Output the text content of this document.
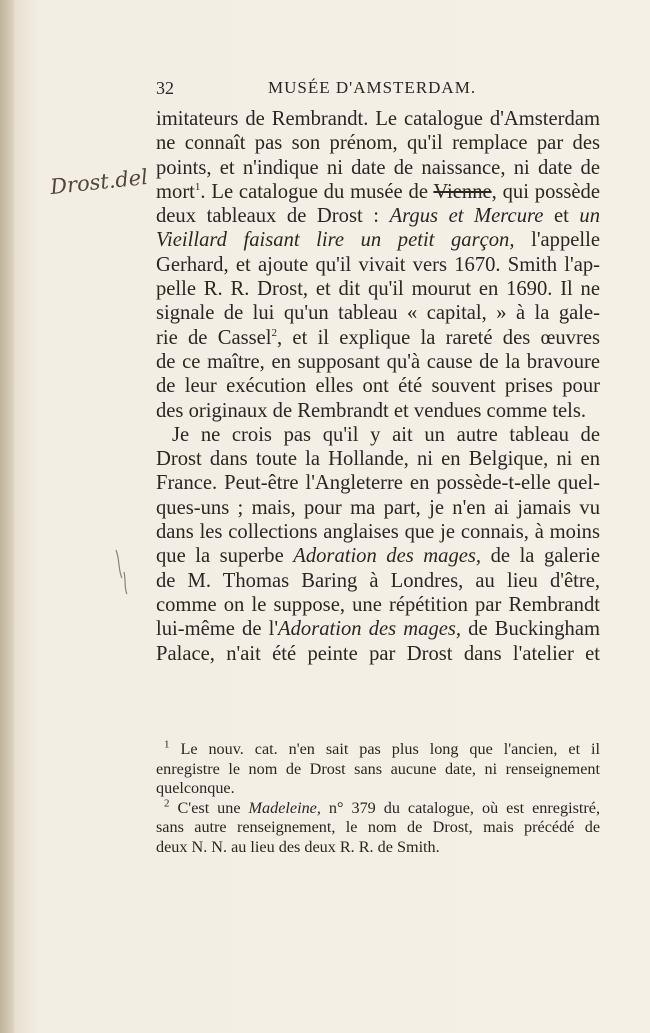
32	MUSÉE D'AMSTERDAM.
Drost.del
imitateurs de Rembrandt. Le catalogue d'Amsterdam
ne connaît pas son prénom, qu'il remplace par des
points, et n'indique ni date de naissance, ni date de
mort$^1$. Le catalogue du musée de Vienne, qui possède
deux tableaux de Drost : Argus et Mercure et un
Vieillard faisant lire un petit garçon, l'appelle
Gerhard, et ajoute qu'il vivait vers 1670. Smith l'ap-
pelle R. R. Drost, et dit qu'il mourut en 1690. Il ne
signale de lui qu'un tableau « capital, » à la gale-
rie de Cassel$^2$, et il explique la rareté des œuvres
de ce maître, en supposant qu'à cause de la bravoure
de leur exécution elles ont été souvent prises pour
des originaux de Rembrandt et vendues comme tels.
Je ne crois pas qu'il y ait un autre tableau de
Drost dans toute la Hollande, ni en Belgique, ni en
France. Peut-être l'Angleterre en possède-t-elle quel-
ques-uns ; mais, pour ma part, je n'en ai jamais vu
dans les collections anglaises que je connais, à moins
que la superbe Adoration des mages, de la galerie
de M. Thomas Baring à Londres, au lieu d'être,
comme on le suppose, une répétition par Rembrandt
lui-même de l'Adoration des mages, de Buckingham
Palace, n'ait été peinte par Drost dans l'atelier et
$^1$ Le nouv. cat. n'en sait pas plus long que l'ancien, et il
enregistre le nom de Drost sans aucune date, ni renseignement
quelconque.
$^2$ C'est une Madeleine, n° 379 du catalogue, où est enregistré,
sans autre renseignement, le nom de Drost, mais précédé de
deux N. N. au lieu des deux R. R. de Smith.
